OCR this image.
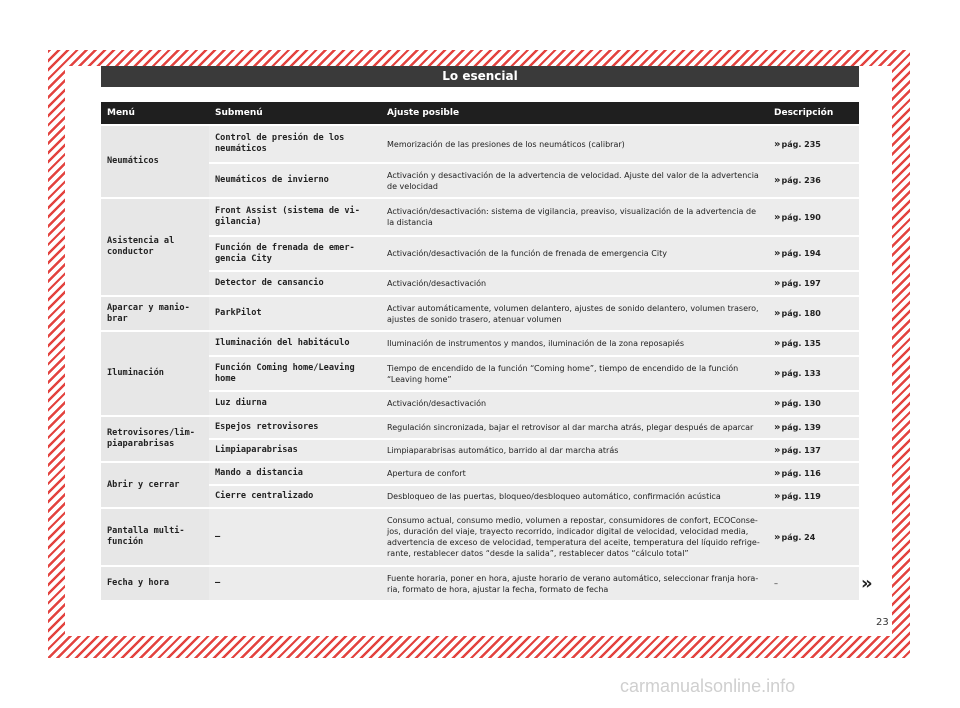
Lo esencial
Menú	Submenú	Ajuste posible	Descripción
Neumáticos	Control de presión de los neumáticos	Memorización de las presiones de los neumáticos (calibrar)	» pág. 235
	Neumáticos de invierno	Activación y desactivación de la advertencia de velocidad. Ajuste del valor de la advertencia de velocidad	» pág. 236
Asistencia al conductor	Front Assist (sistema de vi-gilancia)	Activación/desactivación: sistema de vigilancia, preaviso, visualización de la advertencia de la distancia	» pág. 190
	Función de frenada de emer-gencia City	Activación/desactivación de la función de frenada de emergencia City	» pág. 194
	Detector de cansancio	Activación/desactivación	» pág. 197
Aparcar y manio-brar	ParkPilot	Activar automáticamente, volumen delantero, ajustes de sonido delantero, volumen trasero, ajustes de sonido trasero, atenuar volumen	» pág. 180
Iluminación	Iluminación del habitáculo	Iluminación de instrumentos y mandos, iluminación de la zona reposapiés	» pág. 135
	Función Coming home/Leaving home	Tiempo de encendido de la función “Coming home”, tiempo de encendido de la función “Leaving home”	» pág. 133
	Luz diurna	Activación/desactivación	» pág. 130
Retrovisores/lim-piaparabrisas	Espejos retrovisores	Regulación sincronizada, bajar el retrovisor al dar marcha atrás, plegar después de aparcar	» pág. 139
	Limpiaparabrisas	Limpiaparabrisas automático, barrido al dar marcha atrás	» pág. 137
Abrir y cerrar	Mando a distancia	Apertura de confort	» pág. 116
	Cierre centralizado	Desbloqueo de las puertas, bloqueo/desbloqueo automático, confirmación acústica	» pág. 119
Pantalla multi-función	–	Consumo actual, consumo medio, volumen a repostar, consumidores de confort, ECOConse-jos, duración del viaje, trayecto recorrido, indicador digital de velocidad, velocidad media, advertencia de exceso de velocidad, temperatura del aceite, temperatura del líquido refrige-rante, restablecer datos “desde la salida”, restablecer datos “cálculo total”	» pág. 24
Fecha y hora	–	Fuente horaria, poner en hora, ajuste horario de verano automático, seleccionar franja hora-ria, formato de hora, ajustar la fecha, formato de fecha	–	»
23
carmanualsonline.info
